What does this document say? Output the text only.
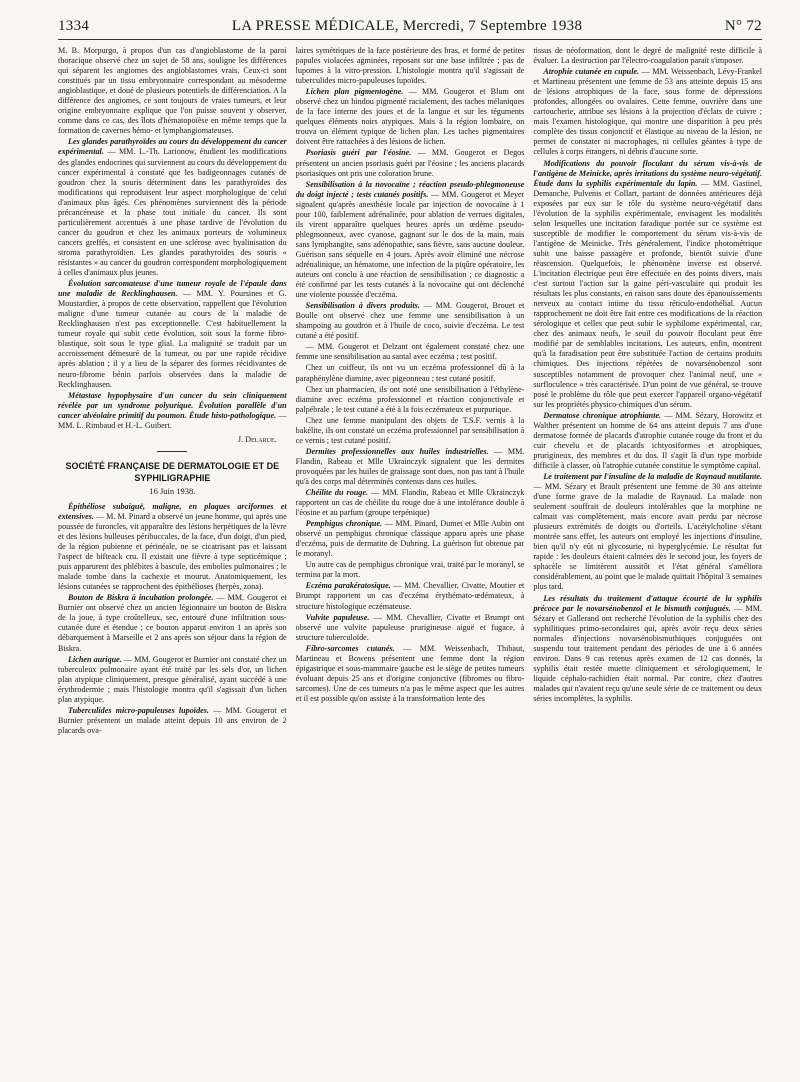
1334	LA PRESSE MÉDICALE, Mercredi, 7 Septembre 1938	N° 72

M. B. Morpurgo, à propos d'un cas d'angioblastome de la paroi thoracique observé chez un sujet de 58 ans, souligne les différences qui séparent les angiomes des angioblastomes vrais. Ceux-ci sont constitués par un tissu embryonnaire correspondant au mésoderme angioblastique, et doué de plusieurs potentiels de différenciation. A la différence des angiomes, ce sont toujours de vraies tumeurs, et leur origine embryonnaire explique que l'on puisse souvent y observer, comme dans ce cas, des îlots d'hématopoïèse en même temps que la formation de cavernes hémo- et lymphangiomateuses.

Les glandes parathyroïdes au cours du développement du cancer expérimental. — MM. L.-Th. Larionow, étudient les modifications des glandes endocrines qui surviennent au cours du développement du cancer expérimental à constaté que les badigeonnages cutanés de goudron chez la souris déterminent dans les parathyroïdes des modifications qui reproduisent leur aspect morphologique de celui d'animaux plus âgés. Ces phénomènes surviennent dès la période précancéreuse et la phase tout initiale du cancer. Ils sont particulièrement accentués à une phase tardive de l'évolution du cancer du goudron et chez les animaux porteurs de volumineux cancers greffés, et consistent en une sclérose avec hyalinisation du stroma parathyroïdien. Les glandes parathyroïdes des souris « résistantes » au cancer du goudron correspondent morphologiquement à celles d'animaux plus jeunes.

Évolution sarcomateuse d'une tumeur royale de l'épaule dans une maladie de Recklinghausen. — MM. Y. Poursines et G. Moustardier, à propos de cette observation, rappellent que l'évolution maligne d'une tumeur cutanée au cours de la maladie de Recklinghausen n'est pas exceptionnelle. C'est habituellement la tumeur royale qui subit cette évolution, soit sous la forme fibro-blastique, soit sous le type glial. La malignité se traduit par un accroissement démesuré de la tumeur, ou par une rapide récidive après ablation ; il y a lieu de la séparer des formes récidivantes de neuro-fibrome bénin parfois observées dans la maladie de Recklinghausen.

Métastase hypophysaire d'un cancer du sein cliniquement révélée par un syndrome polyurique. Évolution parallèle d'un cancer alvéolaire primitif du poumon. Étude histo-pathologique. — MM. L. Rimbaud et H.-L. Guibert.

J. Delarue.
SOCIÉTÉ FRANÇAISE DE DERMATOLOGIE ET DE SYPHILIGRAPHIE
16 Juin 1938.

Épithéliose subaiguë, maligne, en plaques arciformes et extensives. — M. M. Pinard a observé un jeune homme, qui après une poussée de furoncles, vit apparaître des lésions herpétiques de la lèvre et des lésions bulleuses péribuccales, de la face, d'un doigt, d'un pied, de la région pubienne et périnéale, ne se cicatrisant pas et laissant l'aspect de bifteack cru. Il existait une fièvre à type septicémique ; puis apparurent des phlébites à bascule, des embolies pulmonaires ; le malade tombe dans la cachexie et mourut. Anatomiquement, les lésions cutanées se rapprochent des épithélioses (herpès, zona).

Bouton de Biskra à incubation prolongée. — MM. Gougerot et Burnier ont observé chez un ancien légionnaire un bouton de Biskra de la joue, à type croûtelleux, sec, entouré d'une infiltration sous-cutanée dure et étendue ; ce bouton apparut environ 1 an après son débarquement à Marseille et 2 ans après son séjour dans la région de Biskra.

Lichen aurique. — MM. Gougerot et Burnier ont constaté chez un tuberculeux pulmonaire ayant été traité par les sels d'or, un lichen plan atypique cliniquement, presque généralisé, ayant succédé à une érythrodermie ; mais l'histologie montra qu'il s'agissait d'un lichen plan atypique.

Tuberculides micro-papuleuses lupoïdes. — MM. Gougerot et Burnier présentent un malade atteint depuis 10 ans environ de 2 placards ova-

laires symétriques de la face postérieure des bras, et formé de petites papules violacées agminées, reposant sur une base infiltrée ; pas de lupomes à la vitro-pression. L'histologie montra qu'il s'agissait de tuberculides micro-papuleuses lupoïdes.

Lichen plan pigmentogène. — MM. Gougerot et Blum ont observé chez un hindou pigmenté racialement, des taches mélaniques de la face interne des joues et de la langue et sur les téguments quelques éléments noirs atypiques. Mais à la région lombaire, on trouva un élément typique de lichen plan. Les taches pigmentaires doivent être rattachées à des lésions de lichen.

Psoriasis guéri par l'éosine. — MM. Gougerot et Degos présentent un ancien psoriasis guéri par l'éosine ; les anciens placards psoriasiques ont pris une coloration brune.

Sensibilisation à la novocaïne ; réaction pseudo-phlegmoneuse du doigt injecté ; tests cutanés positifs. — MM. Gougerot et Meyer signalent qu'après anesthésie locale par injection de novocaïne à 1 pour 100, faiblement adrénalinée, pour ablation de verrues digitales, ils virent apparaître quelques heures après un œdème pseudo-phlegmonneux, avec cyanose, gagnant sur le dos de la main, mais sans lymphangite, sans adénopathie, sans fièvre, sans aucune douleur. Guérison sans séquelle en 4 jours. Après avoir éliminé une nécrose adrénalinique, un hématome, une infection de la piqûre opératoire, les auteurs ont conclu à une réaction de sensibilisation ; ce diagnostic a été confirmé par les tests cutanés à la novocaïne qui ont déclenché une violente poussée d'eczéma.

Sensibilisation à divers produits. — MM. Gougerot, Brouet et Boulle ont observé chez une femme une sensibilisation à un shampoing au goudron et à l'huile de coco, suivie d'eczéma. Le test cutané a été positif.

— MM. Gougerot et Delzant ont également constaté chez une femme une sensibilisation au santal avec eczéma ; test positif.

Chez un coiffeur, ils ont vu un eczéma professionnel dû à la paraphénylène diamine, avec pigeonneau ; test cutané positif.

Chez un pharmacien, ils ont noté une sensibilisation à l'éthylène-diamine avec eczéma professionnel et réaction conjonctivale et palpébrale ; le test cutané a été à la fois eczémateux et purpurique.

Chez une femme manipulant des objets de T.S.F. vernis à la bakélite, ils ont constaté un eczéma professionnel par sensibilisation à ce vernis ; test cutané positif.

Dermites professionnelles aux huiles industrielles. — MM. Flandin, Rabeau et Mlle Ukrainczyk signalent que les dermites provoquées par les huiles de graissage sont dues, non pas tant à l'huile qu'à des corps mal déterminés contenus dans ces huiles.

Chéilite du rouge. — MM. Flandin, Rabeau et Mlle Ukrainczyk rapportent un cas de chéilite du rouge due à une intolérance double à l'éosine et au parfum (groupe terpénique)

Pemphigus chronique. — MM. Pinard, Dumet et Mlle Aubin ont observé un pemphigus chronique classique apparu après une phase d'eczéma, puis de dermatite de Duhring. La guérison fut obtenue par le moranyl.

Un autre cas de pemphigus chronique vrai, traité par le moranyl, se termina par la mort.

Eczéma parakératosique. — MM. Chevallier, Civatte, Moutier et Brumpt rapportent un cas d'eczéma érythémato-œdémateux, à structure histologique eczémateuse.

Vulvite papuleuse. — MM. Chevallier, Civatte et Brumpt ont observé une vulvite papuleuse prurigineuse aiguë et fugace, à structure tuberculoïde.

Fibro-sarcomes cutanés. — MM. Weissenbach, Thibaut, Martineau et Bowens présentent une femme dont la région épigastrique et sous-mammaire gauche est le siège de petites tumeurs évoluant depuis 25 ans et d'origine conjonctive (fibromes ou fibro-sarcomes). Une de ces tumeurs n'a pas le même aspect que les autres et il est possible qu'on assiste à la transformation lente des

tissus de néoformation, dont le degré de malignité reste difficile à évaluer. La destruction par l'électro-coagulation parait s'imposer.

Atrophie cutanée en cupule. — MM. Weissenbach, Lévy-Frankel et Martineau présentent une femme de 53 ans atteinte depuis 15 ans de lésions atrophiques de la face, sous forme de dépressions profondes, allongées ou ovalaires. Cette femme, ouvrière dans une cartoucherie, attribue ses lésions à la projection d'éclats de cuivre ; mais l'examen histologique, qui montre une disparition à peu près complète des tissus conjonctif et élastique au niveau de la lésion, ne permet de constater ni macrophages, ni cellules géantes à type de cellules à corps étrangers, ni débris d'aucune sorte.

Modifications du pouvoir floculant du sérum vis-à-vis de l'antigène de Meinicke, après irritations du système neuro-végétatif. Étude dans la syphilis expérimentale du lapin. — MM. Gastinel, Demanche, Pulvenis et Collart, partant de données antérieures déjà exposées par eux sur le rôle du système neuro-végétatif dans l'évolution de la syphilis expérimentale, envisagent les modalités selon lesquelles une incitation faradique portée sur ce système est susceptible de modifier le comportement du sérum vis-à-vis de l'antigène de Meinicke. Très généralement, l'indice photométrique subit une baisse passagère et profonde, bientôt suivie d'une réascension. Quelquefois, le phénomène inverse est observé. L'incitation électrique peut être effectuée en des points divers, mais c'est surtout l'action sur la gaine péri-vasculaire qui produit les résultats les plus constants, en raison sans doute des épanouissements nerveux au contact intime du tissu réticulo-endothélial. Aucun rapprochement ne doit être fait entre ces modifications de la réaction sérologique et celles que peut subir le syphilome expérimental, car, chez des animaux neufs, le seuil du pouvoir floculant peut être modifié par de semblables incitations. Les auteurs, enfin, montrent qu'à la faradisation peut être substituée l'action de certains produits chimiques. Des injections répétées de novarsénobenzol sont susceptibles notamment de provoquer chez l'animal neuf, une « surfloculence » très caractérisée. D'un point de vue général, se trouve posé le problème du rôle que peut exercer l'appareil organo-végétatif sur les propriétés physico-chimiques d'un sérum.

Dermatose chronique atrophiante. — MM. Sézary, Horowitz et Walther présentent un homme de 64 ans atteint depuis 7 ans d'une dermatose formée de placards d'atrophie cutanée rouge du front et du cuir chevelu et de placards ichtyosiformes et atrophiques, prurigineux, des membres et du dos. Il s'agit là d'un type morbide difficile à classer, où l'atrophie cutanée constitue le symptôme capital.

Le traitement par l'insuline de la maladie de Raynaud mutilante. — MM. Sézary et Brault présentent une femme de 30 ans atteinte d'une forme grave de la maladie de Raynaud. La malade non seulement souffrait de douleurs intolérables que la morphine ne calmait vas complètement, mais encore avait perdu par nécrose plusieurs extrémités de doigts ou d'orteils. L'acétylcholine s'étant montrée sans effet, les auteurs ont employé les injections d'insuline, bien qu'il n'y eût ni glycosurie, ni hyperglycémie. Le résultat fut rapide : les douleurs étaient calmées dès le second jour, les foyers de sphacèle se limitèrent aussitôt et l'état général s'améliora considérablement, au point que le malade quittait l'hôpital 3 semaines plus tard.

Les résultats du traitement d'attaque écourté de la syphilis précoce par le novarsénobenzol et le bismuth conjugués. — MM. Sézary et Gallerand ont recherché l'évolution de la syphilis chez des syphilitiques primo-secondaires qui, après avoir reçu deux séries normales d'injections novarsénobismuthiques conjuguées ont suspendu tout traitement pendant des périodes de une à 6 années environ. Dans 9 cas retenus après examen de 12 cas donnés, la syphilis était restée muette cliniquement et sérologiquement, le liquide céphalo-rachidien était normal. Par contre, chez d'autres malades qui n'avaient reçu qu'une seule série de ce traitement ou deux séries incomplètes, la syphilis.
